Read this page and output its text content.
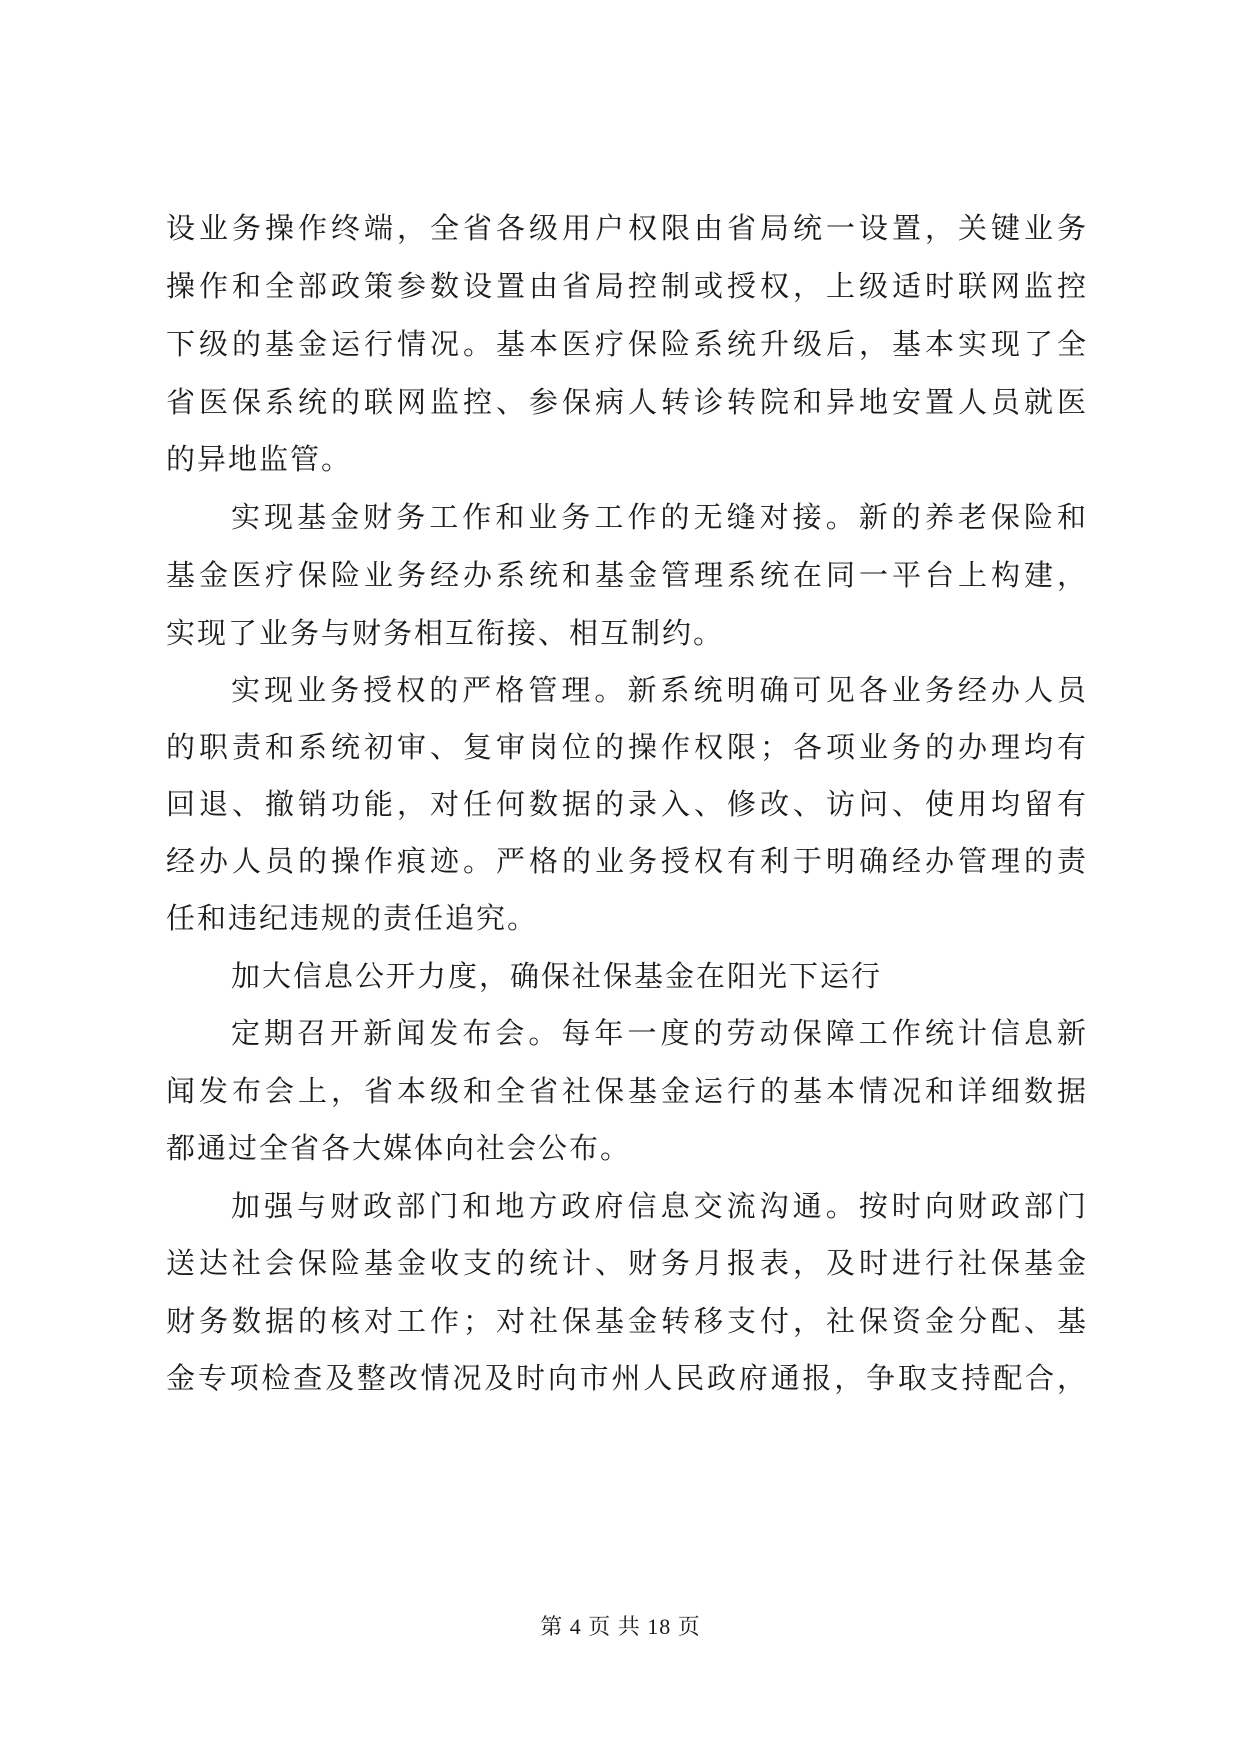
设业务操作终端，全省各级用户权限由省局统一设置，关键业务
操作和全部政策参数设置由省局控制或授权，上级适时联网监控
下级的基金运行情况。基本医疗保险系统升级后，基本实现了全
省医保系统的联网监控、参保病人转诊转院和异地安置人员就医
的异地监管。
实现基金财务工作和业务工作的无缝对接。新的养老保险和
基金医疗保险业务经办系统和基金管理系统在同一平台上构建，
实现了业务与财务相互衔接、相互制约。
实现业务授权的严格管理。新系统明确可见各业务经办人员
的职责和系统初审、复审岗位的操作权限；各项业务的办理均有
回退、撤销功能，对任何数据的录入、修改、访问、使用均留有
经办人员的操作痕迹。严格的业务授权有利于明确经办管理的责
任和违纪违规的责任追究。
加大信息公开力度，确保社保基金在阳光下运行
定期召开新闻发布会。每年一度的劳动保障工作统计信息新
闻发布会上，省本级和全省社保基金运行的基本情况和详细数据
都通过全省各大媒体向社会公布。
加强与财政部门和地方政府信息交流沟通。按时向财政部门
送达社会保险基金收支的统计、财务月报表，及时进行社保基金
财务数据的核对工作；对社保基金转移支付，社保资金分配、基
金专项检查及整改情况及时向市州人民政府通报，争取支持配合，
第 4 页 共 18 页
